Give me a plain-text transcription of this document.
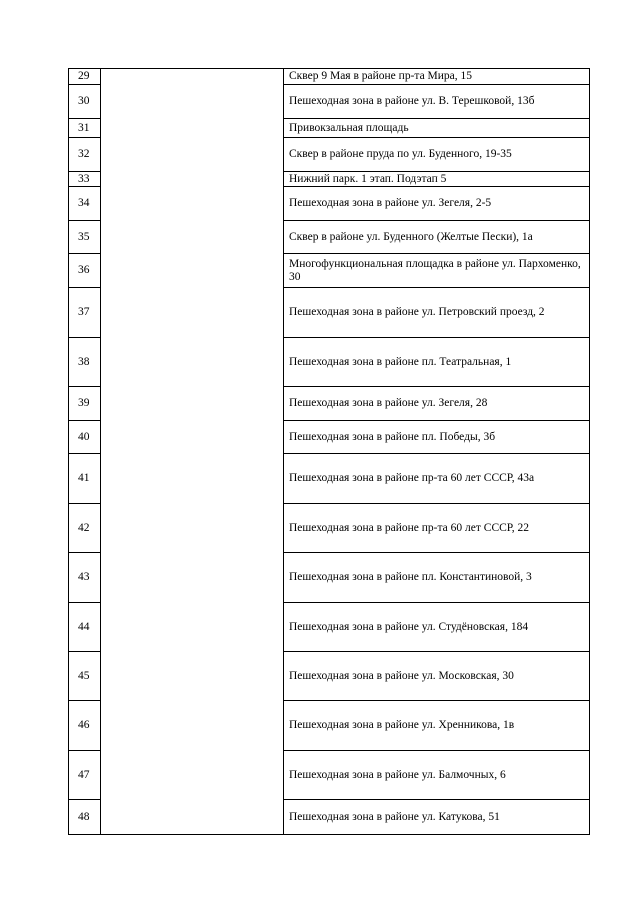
29		Сквер 9 Мая в районе пр-та Мира, 15
30		Пешеходная зона в районе ул. В. Терешковой, 13б
31		Привокзальная площадь
32		Сквер в районе пруда по ул. Буденного, 19-35
33		Нижний парк. 1 этап. Подэтап 5
34		Пешеходная зона в районе ул. Зегеля, 2-5
35		Сквер в районе ул. Буденного (Желтые Пески), 1а
36		Многофункциональная площадка в районе ул. Пархоменко, 30
37		Пешеходная зона в районе ул. Петровский проезд, 2
38		Пешеходная зона в районе пл. Театральная, 1
39		Пешеходная зона в районе ул. Зегеля, 28
40		Пешеходная зона в районе пл. Победы, 3б
41		Пешеходная зона в районе пр-та 60 лет СССР, 43а
42		Пешеходная зона в районе пр-та 60 лет СССР, 22
43		Пешеходная зона в районе пл. Константиновой, 3
44		Пешеходная зона в районе ул. Студёновская, 184
45		Пешеходная зона в районе ул. Московская, 30
46		Пешеходная зона в районе ул. Хренникова, 1в
47		Пешеходная зона в районе ул. Балмочных, 6
48		Пешеходная зона в районе ул. Катукова, 51
